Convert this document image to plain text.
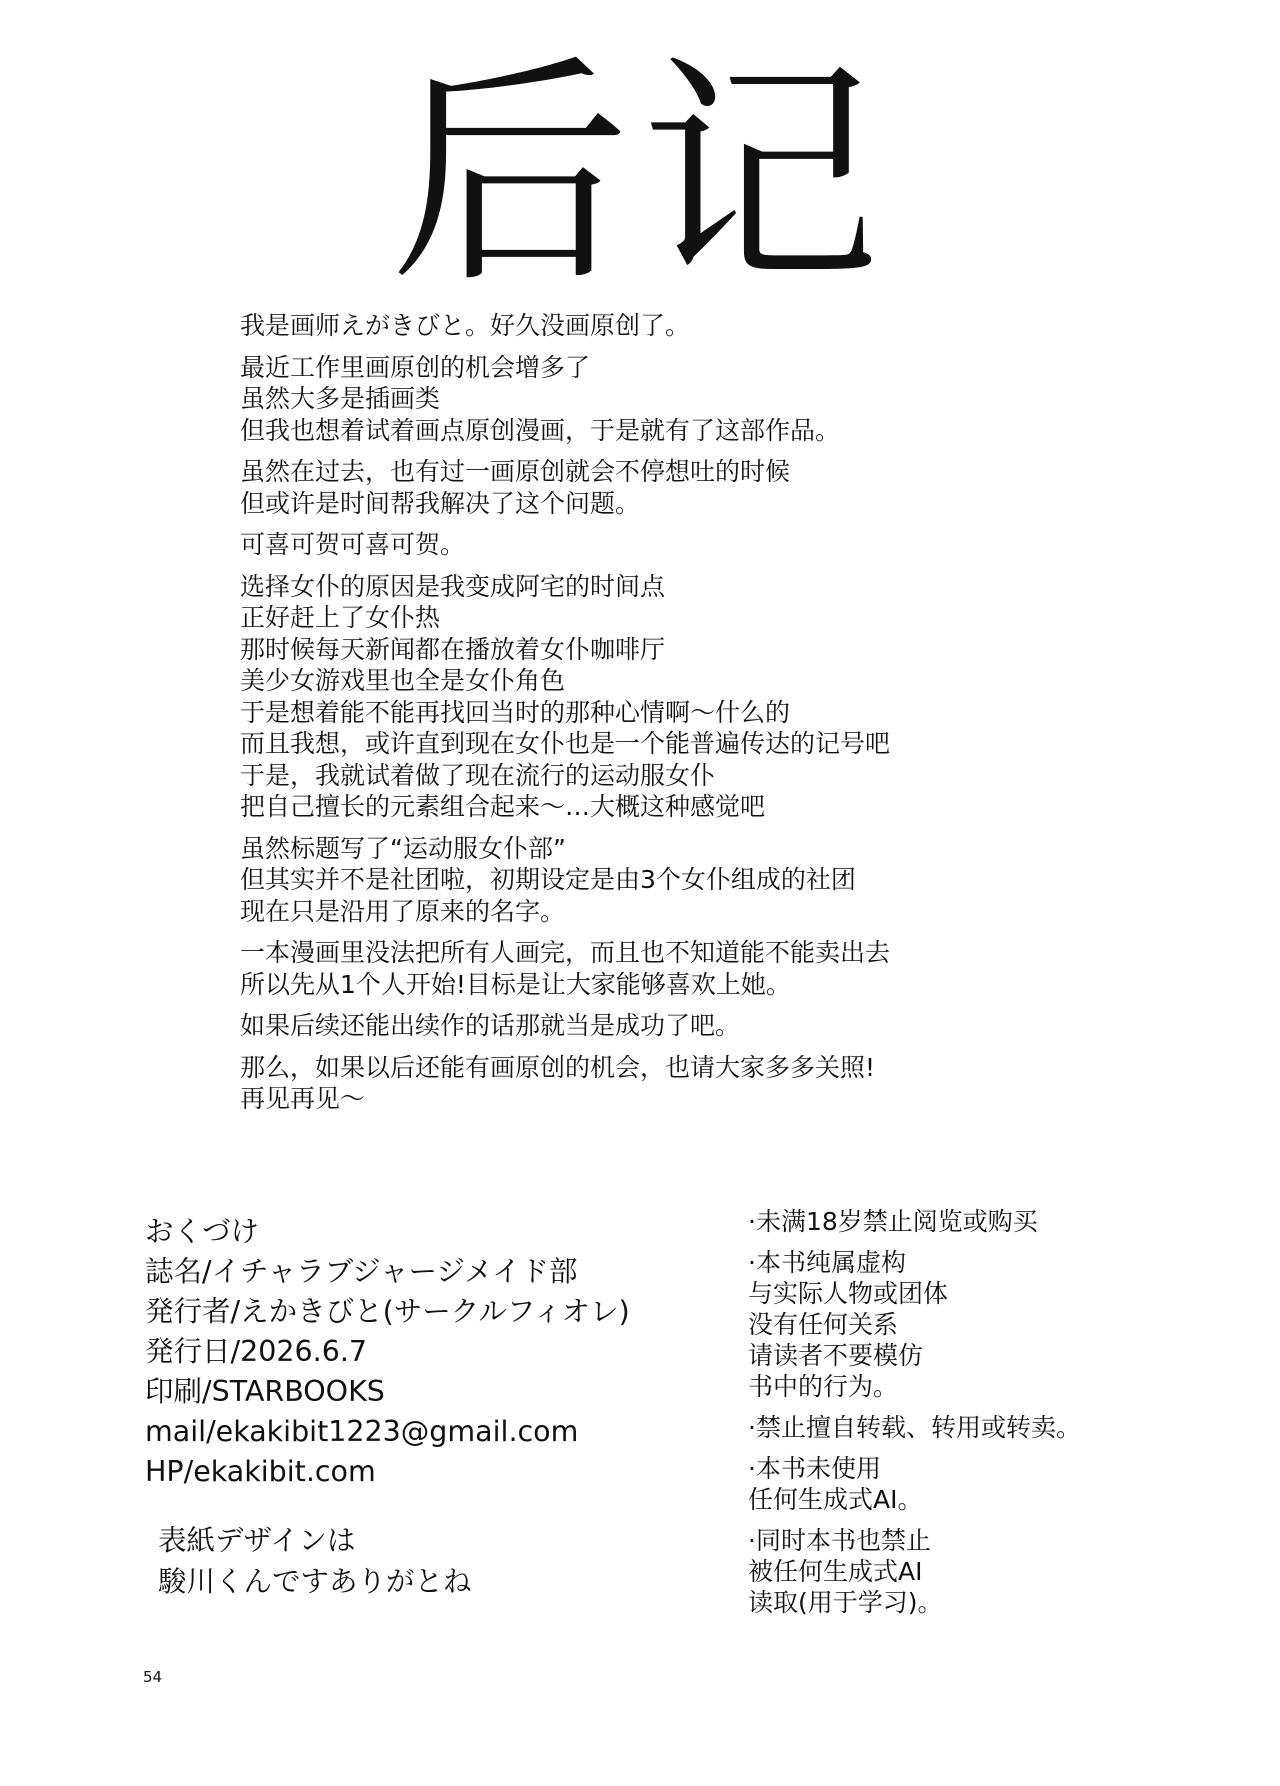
后记
我是画师えがきびと。好久没画原创了。
最近工作里画原创的机会增多了
虽然大多是插画类
但我也想着试着画点原创漫画，于是就有了这部作品。
虽然在过去，也有过一画原创就会不停想吐的时候
但或许是时间帮我解决了这个问题。
可喜可贺可喜可贺。
选择女仆的原因是我变成阿宅的时间点
正好赶上了女仆热
那时候每天新闻都在播放着女仆咖啡厅
美少女游戏里也全是女仆角色
于是想着能不能再找回当时的那种心情啊～什么的
而且我想，或许直到现在女仆也是一个能普遍传达的记号吧
于是，我就试着做了现在流行的运动服女仆
把自己擅长的元素组合起来～…大概这种感觉吧
虽然标题写了“运动服女仆部”
但其实并不是社团啦，初期设定是由3个女仆组成的社团
现在只是沿用了原来的名字。
一本漫画里没法把所有人画完，而且也不知道能不能卖出去
所以先从1个人开始!目标是让大家能够喜欢上她。
如果后续还能出续作的话那就当是成功了吧。
那么，如果以后还能有画原创的机会，也请大家多多关照!
再见再见～
おくづけ
誌名/イチャラブジャージメイド部
発行者/えかきびと(サークルフィオレ)
発行日/2026.6.7
印刷/STARBOOKS
mail/ekakibit1223@gmail.com
HP/ekakibit.com
表紙デザインは
駿川くんですありがとね
·未满18岁禁止阅览或购买
·本书纯属虚构
与实际人物或团体
没有任何关系
请读者不要模仿
书中的行为。
·禁止擅自转载、转用或转卖。
·本书未使用
任何生成式AI。
·同时本书也禁止
被任何生成式AI
读取(用于学习)。
54
